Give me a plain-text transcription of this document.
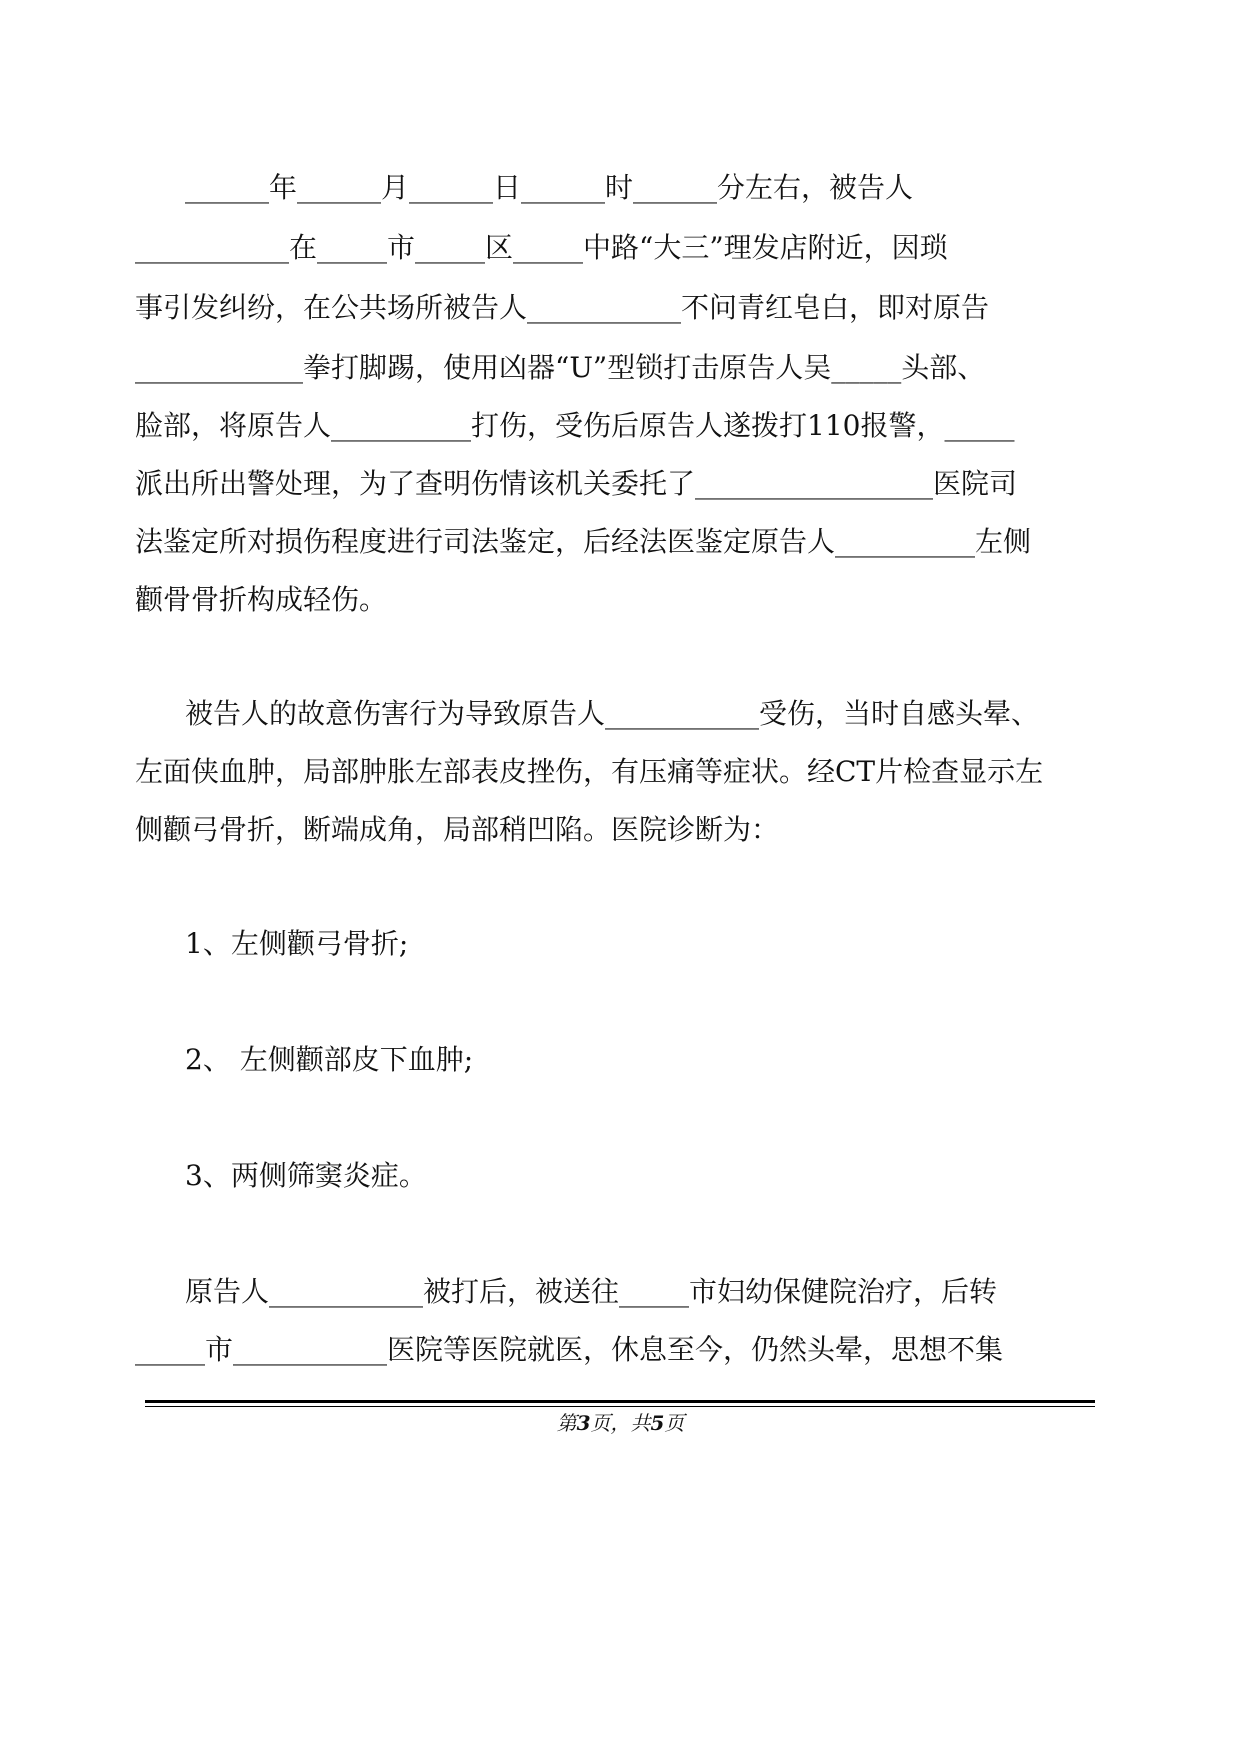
______年______月______日______时______分左右，被告人
___________在_____市_____区_____中路“大三”理发店附近，因琐
事引发纠纷，在公共场所被告人___________不问青红皂白，即对原告
____________拳打脚踢，使用凶器“U”型锁打击原告人吴_____头部、
脸部，将原告人__________打伤，受伤后原告人遂拨打110报警，_____
派出所出警处理，为了查明伤情该机关委托了_________________医院司
法鉴定所对损伤程度进行司法鉴定，后经法医鉴定原告人__________左侧
颧骨骨折构成轻伤。
被告人的故意伤害行为导致原告人___________受伤，当时自感头晕、
左面侠血肿，局部肿胀左部表皮挫伤，有压痛等症状。经CT片检查显示左
侧颧弓骨折，断端成角，局部稍凹陷。医院诊断为：
1、左侧颧弓骨折;
2、 左侧颧部皮下血肿;
3、两侧筛窦炎症。
原告人___________被打后，被送往_____市妇幼保健院治疗，后转
_____市___________医院等医院就医，休息至今，仍然头晕，思想不集
第3页，共5页
